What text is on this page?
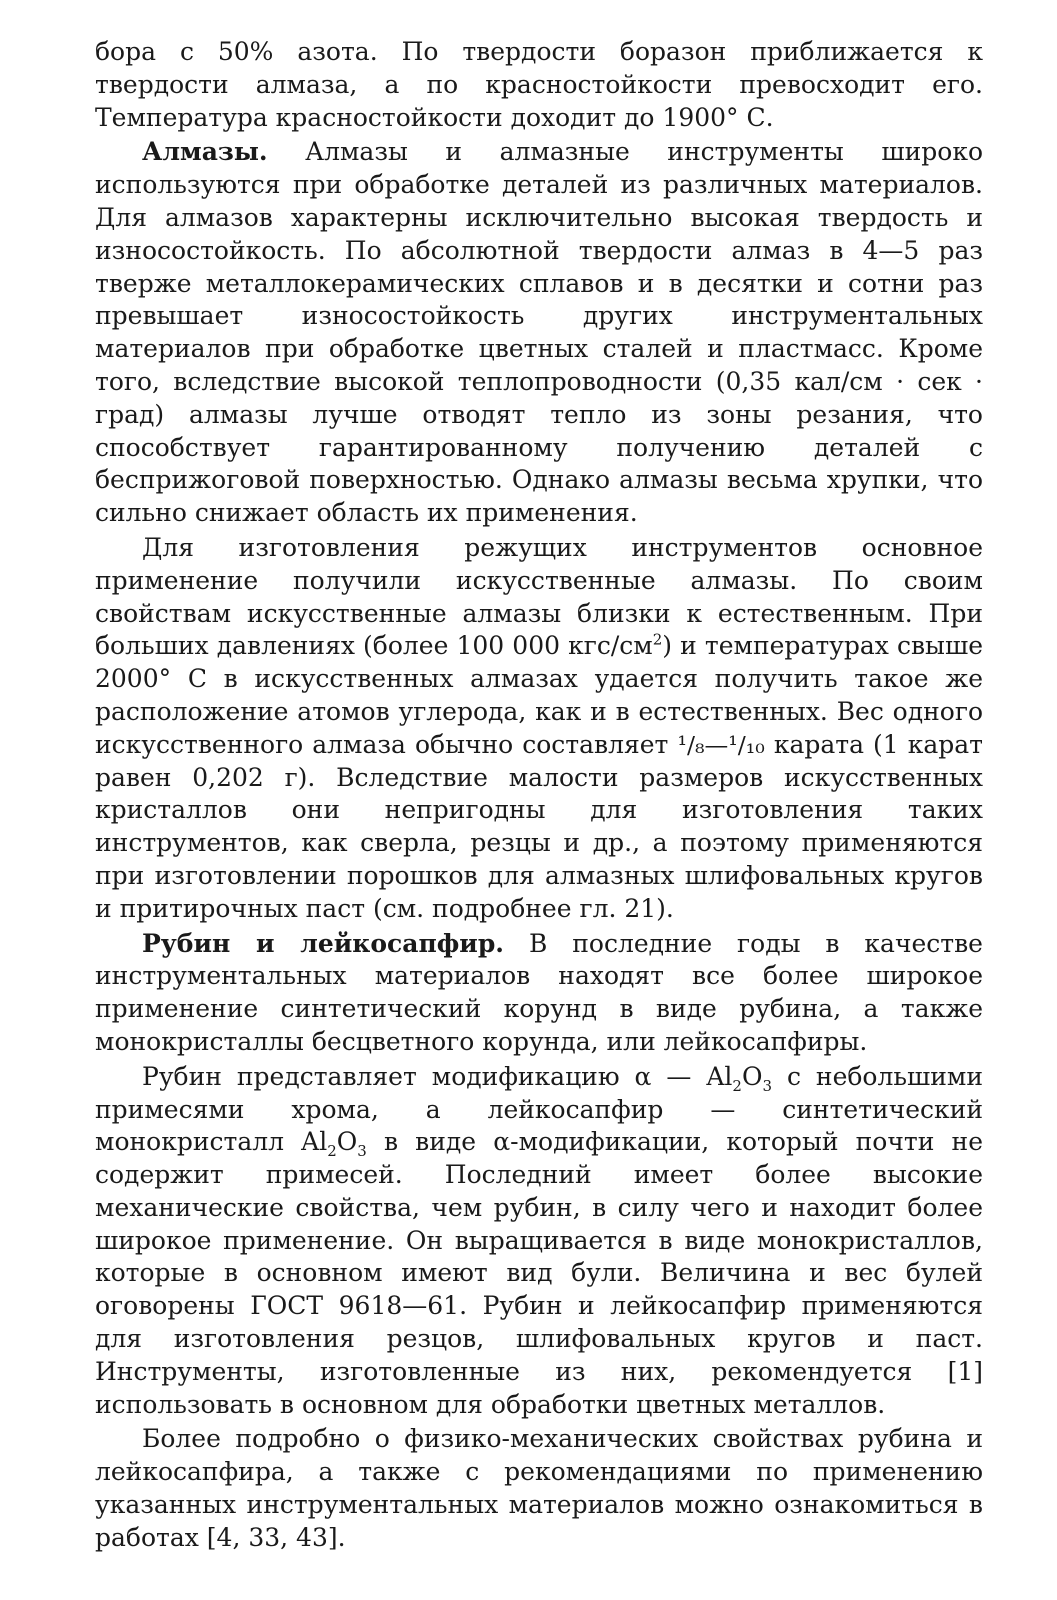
бора с 50% азота. По твердости боразон приближается к твердости алмаза, а по красностойкости превосходит его. Температура красностойкости доходит до 1900° С.

Алмазы. Алмазы и алмазные инструменты широко используются при обработке деталей из различных материалов. Для алмазов характерны исключительно высокая твердость и износостойкость. По абсолютной твердости алмаз в 4—5 раз тверже металлокерамических сплавов и в десятки и сотни раз превышает износостойкость других инструментальных материалов при обработке цветных сталей и пластмасс. Кроме того, вследствие высокой теплопроводности (0,35 кал/см · сек · град) алмазы лучше отводят тепло из зоны резания, что способствует гарантированному получению деталей с бесприжоговой поверхностью. Однако алмазы весьма хрупки, что сильно снижает область их применения.

Для изготовления режущих инструментов основное применение получили искусственные алмазы. По своим свойствам искусственные алмазы близки к естественным. При больших давлениях (более 100 000 кгс/$см^2$) и температурах свыше 2000° С в искусственных алмазах удается получить такое же расположение атомов углерода, как и в естественных. Вес одного искусственного алмаза обычно составляет ¹/₈—¹/₁₀ карата (1 карат равен 0,202 г). Вследствие малости размеров искусственных кристаллов они непригодны для изготовления таких инструментов, как сверла, резцы и др., а поэтому применяются при изготовлении порошков для алмазных шлифовальных кругов и притирочных паст (см. подробнее гл. 21).

Рубин и лейкосапфир. В последние годы в качестве инструментальных материалов находят все более широкое применение синтетический корунд в виде рубина, а также монокристаллы бесцветного корунда, или лейкосапфиры.

Рубин представляет модификацию α — $Al_2O_3$ с небольшими примесями хрома, а лейкосапфир — синтетический монокристалл $Al_2O_3$ в виде α-модификации, который почти не содержит примесей. Последний имеет более высокие механические свойства, чем рубин, в силу чего и находит более широкое применение. Он выращивается в виде монокристаллов, которые в основном имеют вид були. Величина и вес булей оговорены ГОСТ 9618—61. Рубин и лейкосапфир применяются для изготовления резцов, шлифовальных кругов и паст. Инструменты, изготовленные из них, рекомендуется [1] использовать в основном для обработки цветных металлов.

Более подробно о физико-механических свойствах рубина и лейкосапфира, а также с рекомендациями по применению указанных инструментальных материалов можно ознакомиться в работах [4, 33, 43].
